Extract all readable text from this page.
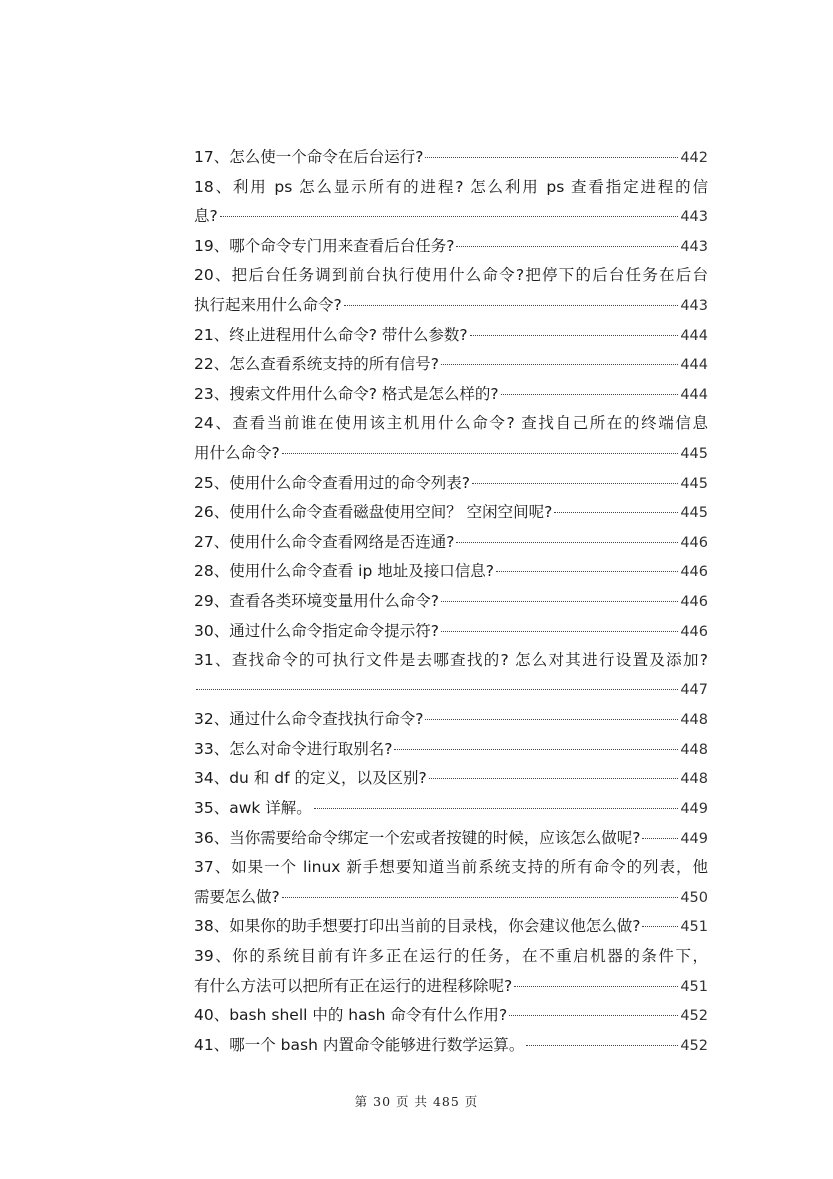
17、怎么使一个命令在后台运行?	442
18、利用 ps 怎么显示所有的进程? 怎么利用 ps 查看指定进程的信
息?	443
19、哪个命令专门用来查看后台任务?	443
20、把后台任务调到前台执行使用什么命令?把停下的后台任务在后台
执行起来用什么命令?	443
21、终止进程用什么命令? 带什么参数?	444
22、怎么查看系统支持的所有信号?	444
23、搜索文件用什么命令? 格式是怎么样的?	444
24、查看当前谁在使用该主机用什么命令? 查找自己所在的终端信息
用什么命令?	445
25、使用什么命令查看用过的命令列表?	445
26、使用什么命令查看磁盘使用空间？ 空闲空间呢?	445
27、使用什么命令查看网络是否连通?	446
28、使用什么命令查看 ip 地址及接口信息?	446
29、查看各类环境变量用什么命令?	446
30、通过什么命令指定命令提示符?	446
31、查找命令的可执行文件是去哪查找的? 怎么对其进行设置及添加?
447
32、通过什么命令查找执行命令?	448
33、怎么对命令进行取别名?	448
34、du 和 df 的定义，以及区别?	448
35、awk 详解。	449
36、当你需要给命令绑定一个宏或者按键的时候，应该怎么做呢?	449
37、如果一个 linux 新手想要知道当前系统支持的所有命令的列表，他
需要怎么做?	450
38、如果你的助手想要打印出当前的目录栈，你会建议他怎么做?	451
39、你的系统目前有许多正在运行的任务，在不重启机器的条件下，
有什么方法可以把所有正在运行的进程移除呢?	451
40、bash shell 中的 hash 命令有什么作用?	452
41、哪一个 bash 内置命令能够进行数学运算。	452
第 30 页 共 485 页
